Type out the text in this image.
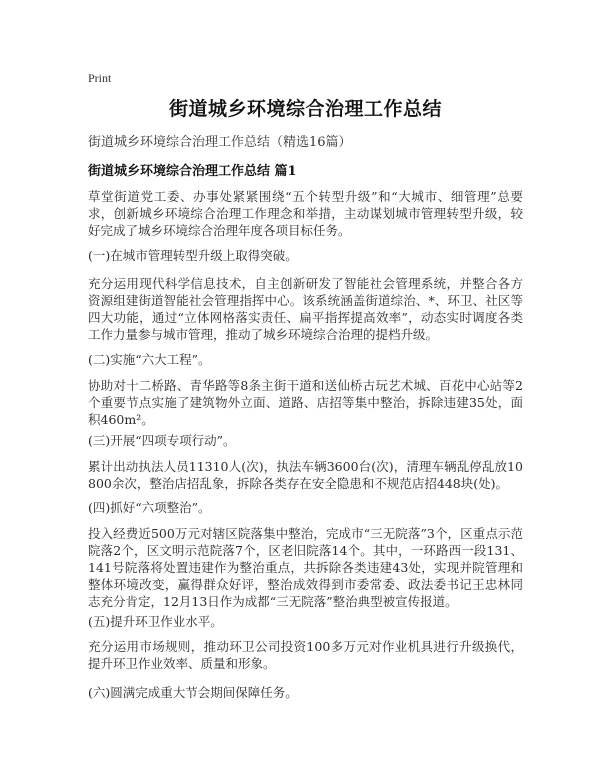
Print
街道城乡环境综合治理工作总结
街道城乡环境综合治理工作总结（精选16篇）
街道城乡环境综合治理工作总结 篇1
草堂街道党工委、办事处紧紧围绕“五个转型升级”和“大城市、细管理”总要求，创新城乡环境综合治理工作理念和举措，主动谋划城市管理转型升级，较好完成了城乡环境综合治理年度各项目标任务。
(一)在城市管理转型升级上取得突破。
充分运用现代科学信息技术，自主创新研发了智能社会管理系统，并整合各方资源组建街道智能社会管理指挥中心。该系统涵盖街道综治、*、环卫、社区等四大功能，通过“立体网格落实责任、扁平指挥提高效率”，动态实时调度各类工作力量参与城市管理，推动了城乡环境综合治理的提档升级。
(二)实施“六大工程”。
协助对十二桥路、青华路等8条主街干道和送仙桥古玩艺术城、百花中心站等2个重要节点实施了建筑物外立面、道路、店招等集中整治，拆除违建35处，面积460m²。
(三)开展“四项专项行动”。
累计出动执法人员11310人(次)，执法车辆3600台(次)，清理车辆乱停乱放10800余次，整治店招乱象，拆除各类存在安全隐患和不规范店招448块(处)。
(四)抓好“六项整治”。
投入经费近500万元对辖区院落集中整治，完成市“三无院落”3个，区重点示范院落2个，区文明示范院落7个，区老旧院落14个。其中，一环路西一段131、141号院落将处置违建作为整治重点，共拆除各类违建43处，实现并院管理和整体环境改变，赢得群众好评，整治成效得到市委常委、政法委书记王忠林同志充分肯定，12月13日作为成都“三无院落”整治典型被宣传报道。
(五)提升环卫作业水平。
充分运用市场规则，推动环卫公司投资100多万元对作业机具进行升级换代，提升环卫作业效率、质量和形象。
(六)圆满完成重大节会期间保障任务。
